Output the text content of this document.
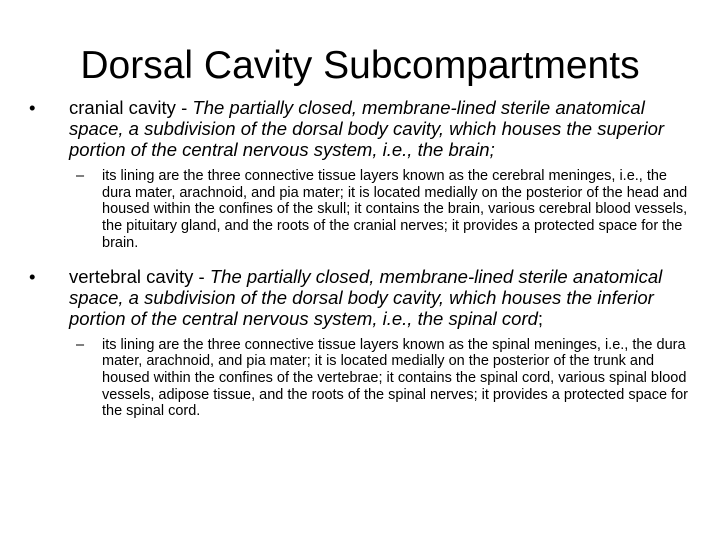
Dorsal Cavity Subcompartments
• cranial cavity - The partially closed, membrane-lined sterile anatomical space, a subdivision of the dorsal body cavity, which houses the superior portion of the central nervous system, i.e., the brain;
– its lining are the three connective tissue layers known as the cerebral meninges, i.e., the dura mater, arachnoid, and pia mater; it is located medially on the posterior of the head and housed within the confines of the skull; it contains the brain, various cerebral blood vessels, the pituitary gland, and the roots of the cranial nerves; it provides a protected space for the brain.
• vertebral cavity - The partially closed, membrane-lined sterile anatomical space, a subdivision of the dorsal body cavity, which houses the inferior portion of the central nervous system, i.e., the spinal cord;
– its lining are the three connective tissue layers known as the spinal meninges, i.e., the dura mater, arachnoid, and pia mater; it is located medially on the posterior of the trunk and housed within the confines of the vertebrae; it contains the spinal cord, various spinal blood vessels, adipose tissue, and the roots of the spinal nerves; it provides a protected space for the spinal cord.
